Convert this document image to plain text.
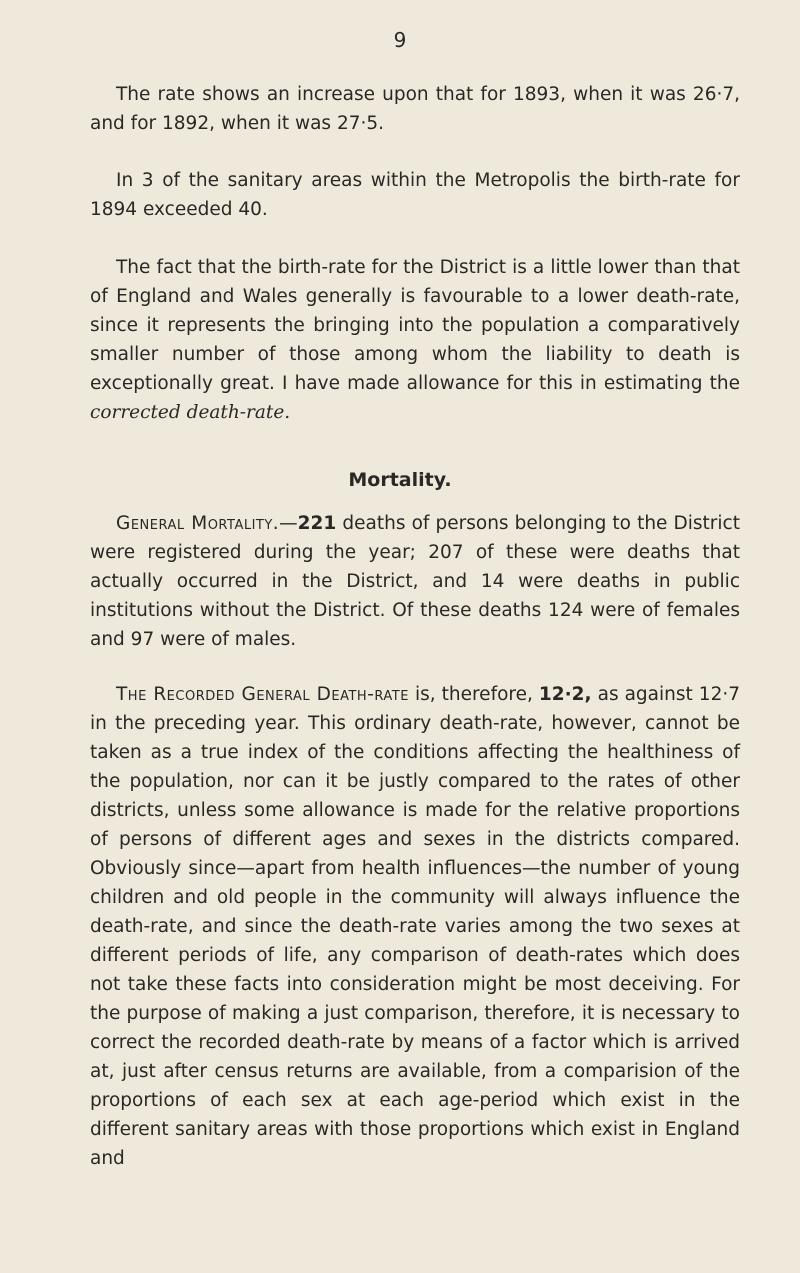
9

The rate shows an increase upon that for 1893, when it was 26·7, and for 1892, when it was 27·5.

In 3 of the sanitary areas within the Metropolis the birth-rate for 1894 exceeded 40.

The fact that the birth-rate for the District is a little lower than that of England and Wales generally is favourable to a lower death-rate, since it represents the bringing into the population a comparatively smaller number of those among whom the liability to death is exceptionally great. I have made allowance for this in estimating the corrected death-rate.

Mortality.

General Mortality.—221 deaths of persons belonging to the District were registered during the year; 207 of these were deaths that actually occurred in the District, and 14 were deaths in public institutions without the District. Of these deaths 124 were of females and 97 were of males.

The Recorded General Death-rate is, therefore, 12·2, as against 12·7 in the preceding year. This ordinary death-rate, however, cannot be taken as a true index of the conditions affecting the healthiness of the population, nor can it be justly compared to the rates of other districts, unless some allowance is made for the relative proportions of persons of different ages and sexes in the districts compared. Obviously since—apart from health influences—the number of young children and old people in the community will always influence the death-rate, and since the death-rate varies among the two sexes at different periods of life, any comparison of death-rates which does not take these facts into consideration might be most deceiving. For the purpose of making a just comparison, therefore, it is necessary to correct the recorded death-rate by means of a factor which is arrived at, just after census returns are available, from a comparision of the proportions of each sex at each age-period which exist in the different sanitary areas with those proportions which exist in England and
